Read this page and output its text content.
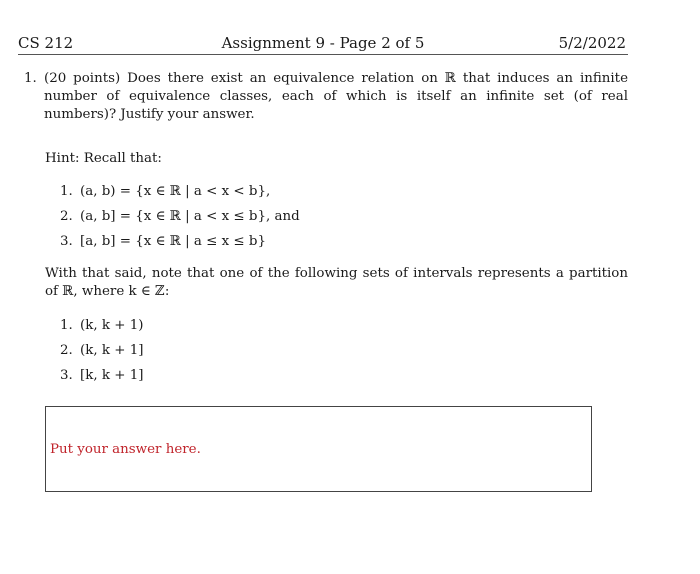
CS 212	Assignment 9 - Page 2 of 5	5/2/2022
1. (20 points) Does there exist an equivalence relation on ℝ that induces an infinite number of equivalence classes, each of which is itself an infinite set (of real numbers)? Justify your answer.
Hint: Recall that:
1. (a, b) = {x ∈ ℝ | a < x < b},
2. (a, b] = {x ∈ ℝ | a < x ≤ b}, and
3. [a, b] = {x ∈ ℝ | a ≤ x ≤ b}
With that said, note that one of the following sets of intervals represents a partition of ℝ, where k ∈ ℤ:
1. (k, k + 1)
2. (k, k + 1]
3. [k, k + 1]
Put your answer here.
